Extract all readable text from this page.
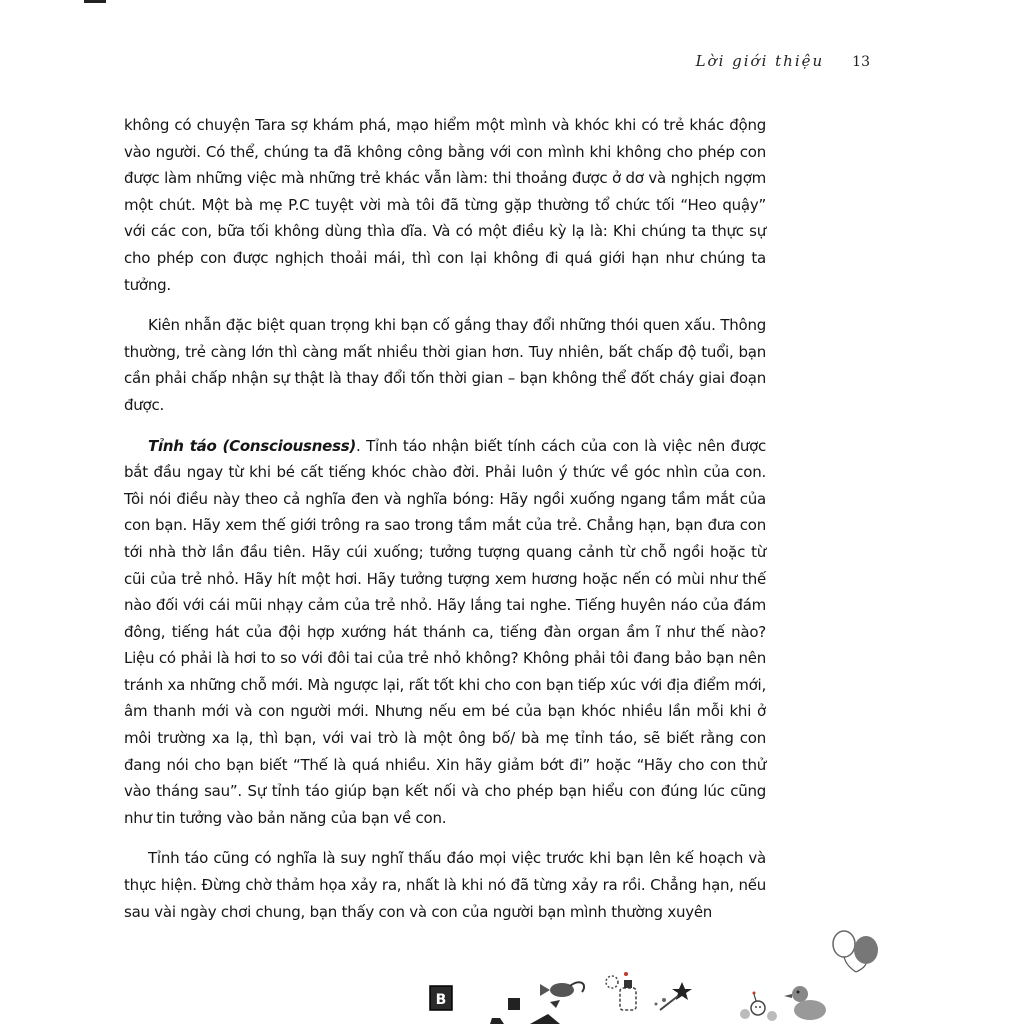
Lời giới thiệu 13

không có chuyện Tara sợ khám phá, mạo hiểm một mình và khóc khi có trẻ khác động vào người. Có thể, chúng ta đã không công bằng với con mình khi không cho phép con được làm những việc mà những trẻ khác vẫn làm: thi thoảng được ở dơ và nghịch ngợm một chút. Một bà mẹ P.C tuyệt vời mà tôi đã từng gặp thường tổ chức tối “Heo quậy” với các con, bữa tối không dùng thìa dĩa. Và có một điều kỳ lạ là: Khi chúng ta thực sự cho phép con được nghịch thoải mái, thì con lại không đi quá giới hạn như chúng ta tưởng.

Kiên nhẫn đặc biệt quan trọng khi bạn cố gắng thay đổi những thói quen xấu. Thông thường, trẻ càng lớn thì càng mất nhiều thời gian hơn. Tuy nhiên, bất chấp độ tuổi, bạn cần phải chấp nhận sự thật là thay đổi tốn thời gian – bạn không thể đốt cháy giai đoạn được.

Tỉnh táo (Consciousness). Tỉnh táo nhận biết tính cách của con là việc nên được bắt đầu ngay từ khi bé cất tiếng khóc chào đời. Phải luôn ý thức về góc nhìn của con. Tôi nói điều này theo cả nghĩa đen và nghĩa bóng: Hãy ngồi xuống ngang tầm mắt của con bạn. Hãy xem thế giới trông ra sao trong tầm mắt của trẻ. Chẳng hạn, bạn đưa con tới nhà thờ lần đầu tiên. Hãy cúi xuống; tưởng tượng quang cảnh từ chỗ ngồi hoặc từ cũi của trẻ nhỏ. Hãy hít một hơi. Hãy tưởng tượng xem hương hoặc nến có mùi như thế nào đối với cái mũi nhạy cảm của trẻ nhỏ. Hãy lắng tai nghe. Tiếng huyên náo của đám đông, tiếng hát của đội hợp xướng hát thánh ca, tiếng đàn organ ầm ĩ như thế nào? Liệu có phải là hơi to so với đôi tai của trẻ nhỏ không? Không phải tôi đang bảo bạn nên tránh xa những chỗ mới. Mà ngược lại, rất tốt khi cho con bạn tiếp xúc với địa điểm mới, âm thanh mới và con người mới. Nhưng nếu em bé của bạn khóc nhiều lần mỗi khi ở môi trường xa lạ, thì bạn, với vai trò là một ông bố/ bà mẹ tỉnh táo, sẽ biết rằng con đang nói cho bạn biết “Thế là quá nhiều. Xin hãy giảm bớt đi” hoặc “Hãy cho con thử vào tháng sau”. Sự tỉnh táo giúp bạn kết nối và cho phép bạn hiểu con đúng lúc cũng như tin tưởng vào bản năng của bạn về con.

Tỉnh táo cũng có nghĩa là suy nghĩ thấu đáo mọi việc trước khi bạn lên kế hoạch và thực hiện. Đừng chờ thảm họa xảy ra, nhất là khi nó đã từng xảy ra rồi. Chẳng hạn, nếu sau vài ngày chơi chung, bạn thấy con và con của người bạn mình thường xuyên

B
